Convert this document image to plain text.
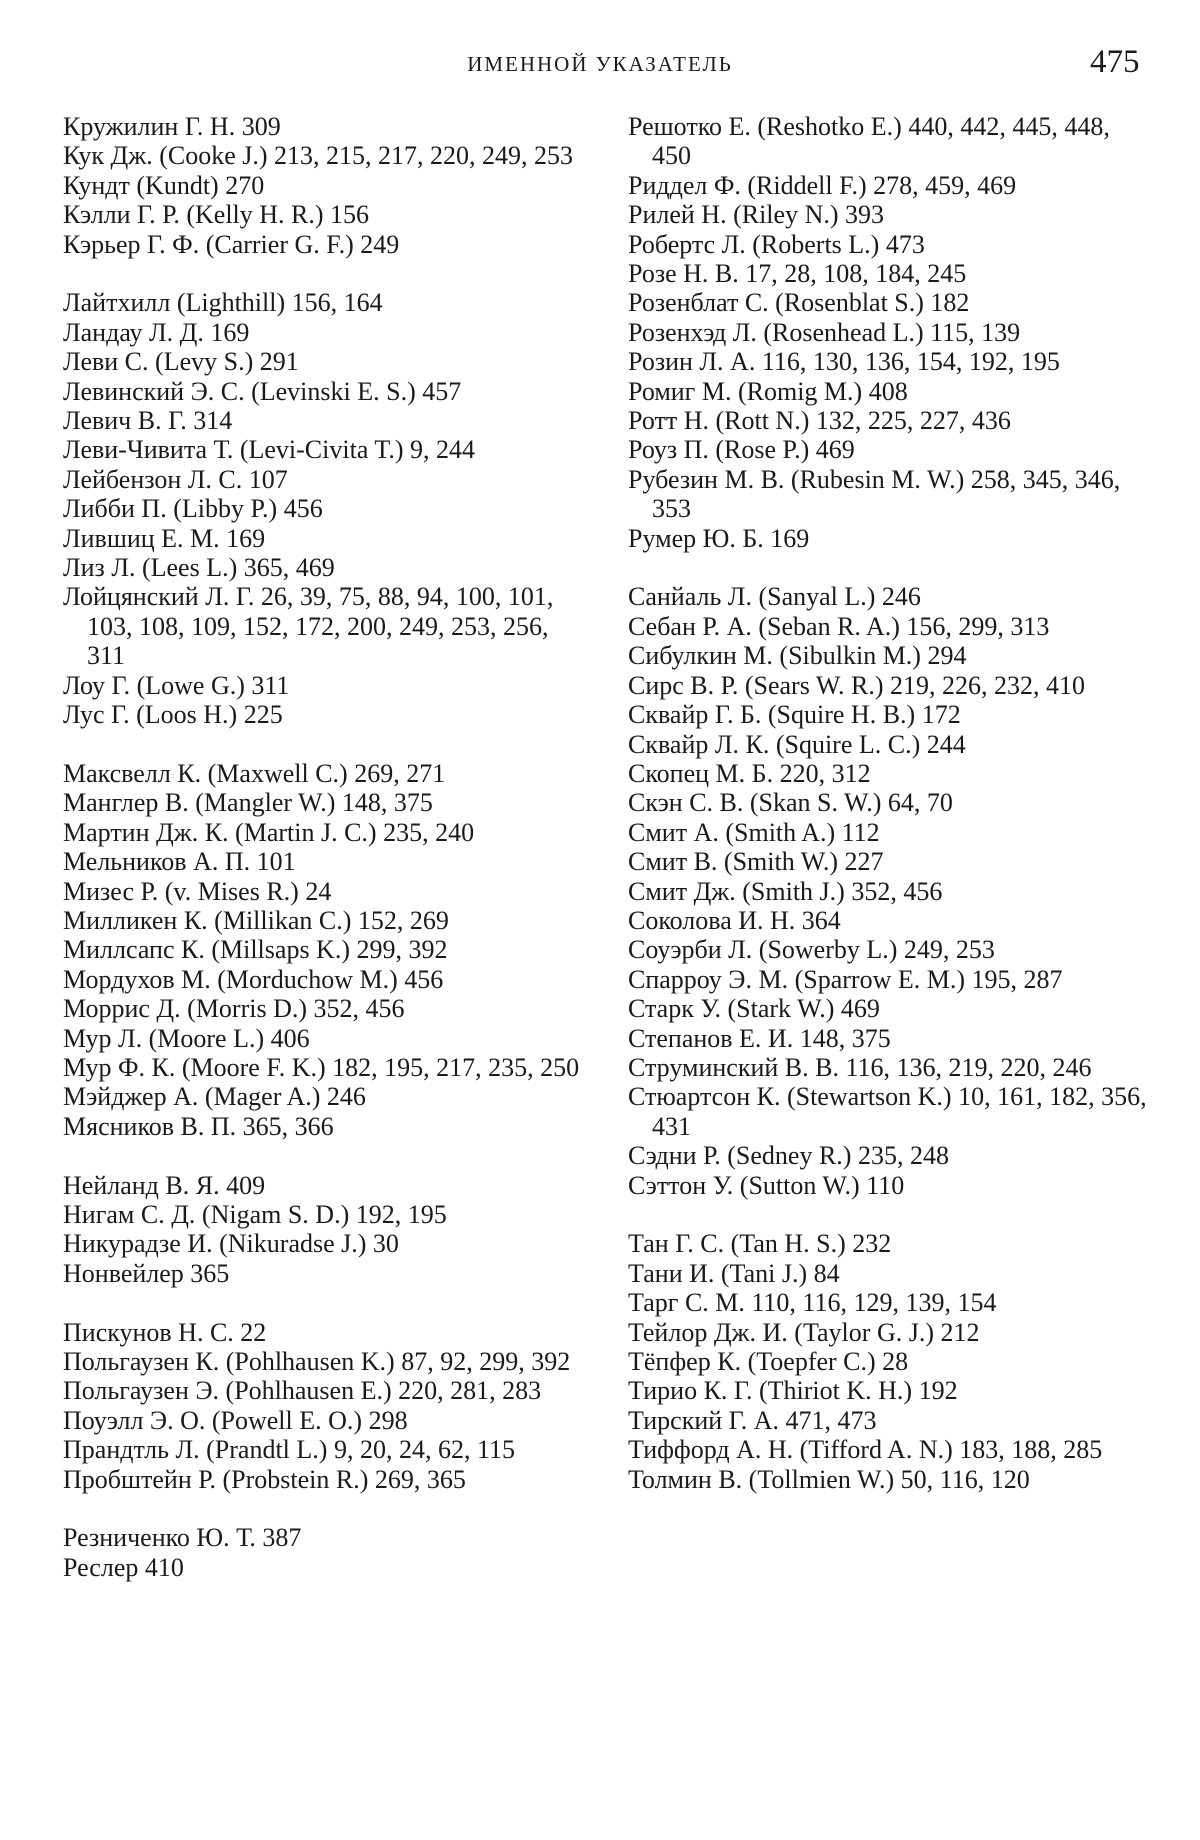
ИМЕННОЙ УКАЗАТЕЛЬ	475
Кружилин Г. Н. 309
Кук Дж. (Cooke J.) 213, 215, 217, 220, 249, 253
Кундт (Kundt) 270
Кэлли Г. Р. (Kelly H. R.) 156
Кэрьер Г. Ф. (Carrier G. F.) 249
Лайтхилл (Lighthill) 156, 164
Ландау Л. Д. 169
Леви С. (Levy S.) 291
Левинский Э. С. (Levinski E. S.) 457
Левич В. Г. 314
Леви-Чивита Т. (Levi-Civita T.) 9, 244
Лейбензон Л. С. 107
Либби П. (Libby P.) 456
Лившиц Е. М. 169
Лиз Л. (Lees L.) 365, 469
Лойцянский Л. Г. 26, 39, 75, 88, 94, 100, 101, 103, 108, 109, 152, 172, 200, 249, 253, 256, 311
Лоу Г. (Lowe G.) 311
Лус Г. (Loos H.) 225
Максвелл К. (Maxwell C.) 269, 271
Манглер В. (Mangler W.) 148, 375
Мартин Дж. К. (Martin J. C.) 235, 240
Мельников А. П. 101
Мизес Р. (v. Mises R.) 24
Милликен К. (Millikan C.) 152, 269
Миллсапс К. (Millsaps K.) 299, 392
Мордухов М. (Morduchow M.) 456
Моррис Д. (Morris D.) 352, 456
Мур Л. (Moore L.) 406
Мур Ф. К. (Moore F. K.) 182, 195, 217, 235, 250
Мэйджер А. (Mager A.) 246
Мясников В. П. 365, 366
Нейланд В. Я. 409
Нигам С. Д. (Nigam S. D.) 192, 195
Никурадзе И. (Nikuradse J.) 30
Нонвейлер 365
Пискунов Н. С. 22
Польгаузен К. (Pohlhausen K.) 87, 92, 299, 392
Польгаузен Э. (Pohlhausen E.) 220, 281, 283
Поуэлл Э. О. (Powell E. O.) 298
Прандтль Л. (Prandtl L.) 9, 20, 24, 62, 115
Пробштейн Р. (Probstein R.) 269, 365
Резниченко Ю. Т. 387
Реслер 410
Решотко Е. (Reshotko E.) 440, 442, 445, 448, 450
Риддел Ф. (Riddell F.) 278, 459, 469
Рилей Н. (Riley N.) 393
Робертс Л. (Roberts L.) 473
Розе Н. В. 17, 28, 108, 184, 245
Розенблат С. (Rosenblat S.) 182
Розенхэд Л. (Rosenhead L.) 115, 139
Розин Л. А. 116, 130, 136, 154, 192, 195
Ромиг М. (Romig M.) 408
Ротт Н. (Rott N.) 132, 225, 227, 436
Роуз П. (Rose P.) 469
Рубезин М. В. (Rubesin M. W.) 258, 345, 346, 353
Румер Ю. Б. 169
Санйаль Л. (Sanyal L.) 246
Себан Р. А. (Seban R. A.) 156, 299, 313
Сибулкин М. (Sibulkin M.) 294
Сирс В. Р. (Sears W. R.) 219, 226, 232, 410
Сквайр Г. Б. (Squire H. B.) 172
Сквайр Л. К. (Squire L. C.) 244
Скопец М. Б. 220, 312
Скэн С. В. (Skan S. W.) 64, 70
Смит А. (Smith A.) 112
Смит В. (Smith W.) 227
Смит Дж. (Smith J.) 352, 456
Соколова И. Н. 364
Соуэрби Л. (Sowerby L.) 249, 253
Спарроу Э. М. (Sparrow E. M.) 195, 287
Старк У. (Stark W.) 469
Степанов Е. И. 148, 375
Струминский В. В. 116, 136, 219, 220, 246
Стюартсон К. (Stewartson K.) 10, 161, 182, 356, 431
Сэдни Р. (Sedney R.) 235, 248
Сэттон У. (Sutton W.) 110
Тан Г. С. (Tan H. S.) 232
Тани И. (Tani J.) 84
Тарг С. М. 110, 116, 129, 139, 154
Тейлор Дж. И. (Taylor G. J.) 212
Тёпфер К. (Toepfer C.) 28
Тирио К. Г. (Thiriot K. H.) 192
Тирский Г. А. 471, 473
Тиффорд А. Н. (Tifford A. N.) 183, 188, 285
Толмин В. (Tollmien W.) 50, 116, 120
